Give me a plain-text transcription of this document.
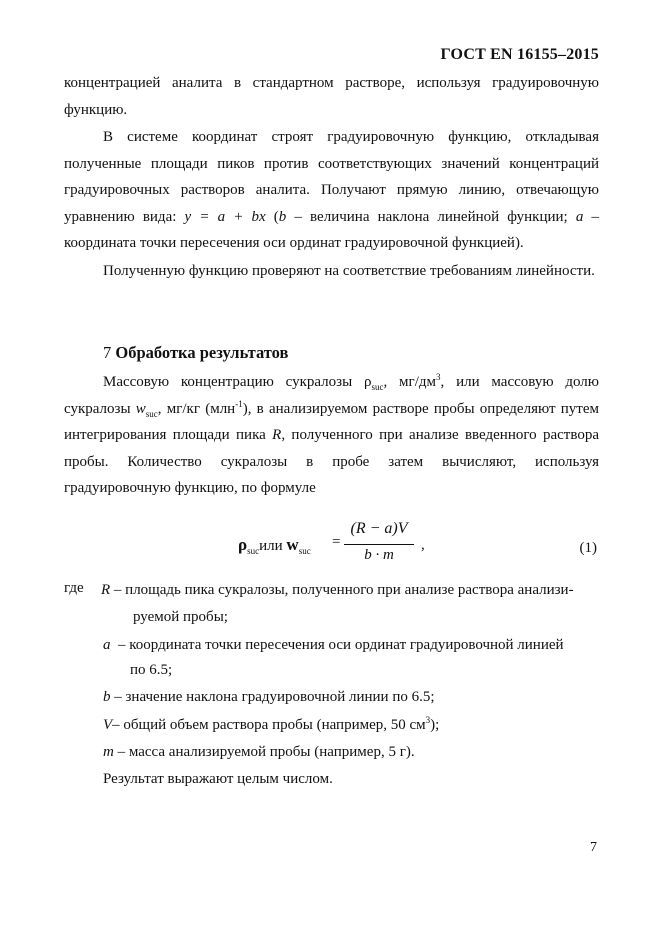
ГОСТ EN 16155–2015

концентрацией аналита в стандартном растворе, используя градуировочную функцию.

В системе координат строят градуировочную функцию, откладывая полученные площади пиков против соответствующих значений концентраций градуировочных растворов аналита. Получают прямую линию, отвечающую уравнению вида: y = a + bx (b – величина наклона линейной функции; a – координата точки пересечения оси ординат градуировочной функцией).

Полученную функцию проверяют на соответствие требованиям линейности.

7 Обработка результатов

Массовую концентрацию сукралозы $\rho_{suc}$, $мг/дм^3$, или массовую долю сукралозы $w_{suc}$, мг/кг (млн$^{-1}$), в анализируемом растворе пробы определяют путем интегрирования площади пика R, полученного при анализе введенного раствора пробы. Количество сукралозы в пробе затем вычисляют, используя градуировочную функцию, по формуле

$\rho_{suc}или$ $w_{suc}$
=
(R − a)V
b · m
,	(1)
где R – площадь пика сукралозы, полученного при анализе раствора анализи-
руемой пробы;
a – координата точки пересечения оси ординат градуировочной линией
по 6.5;
b – значение наклона градуировочной линии по 6.5;
V– общий объем раствора пробы (например, 50 $см^3$);
m – масса анализируемой пробы (например, 5 г).
Результат выражают целым числом.
7
